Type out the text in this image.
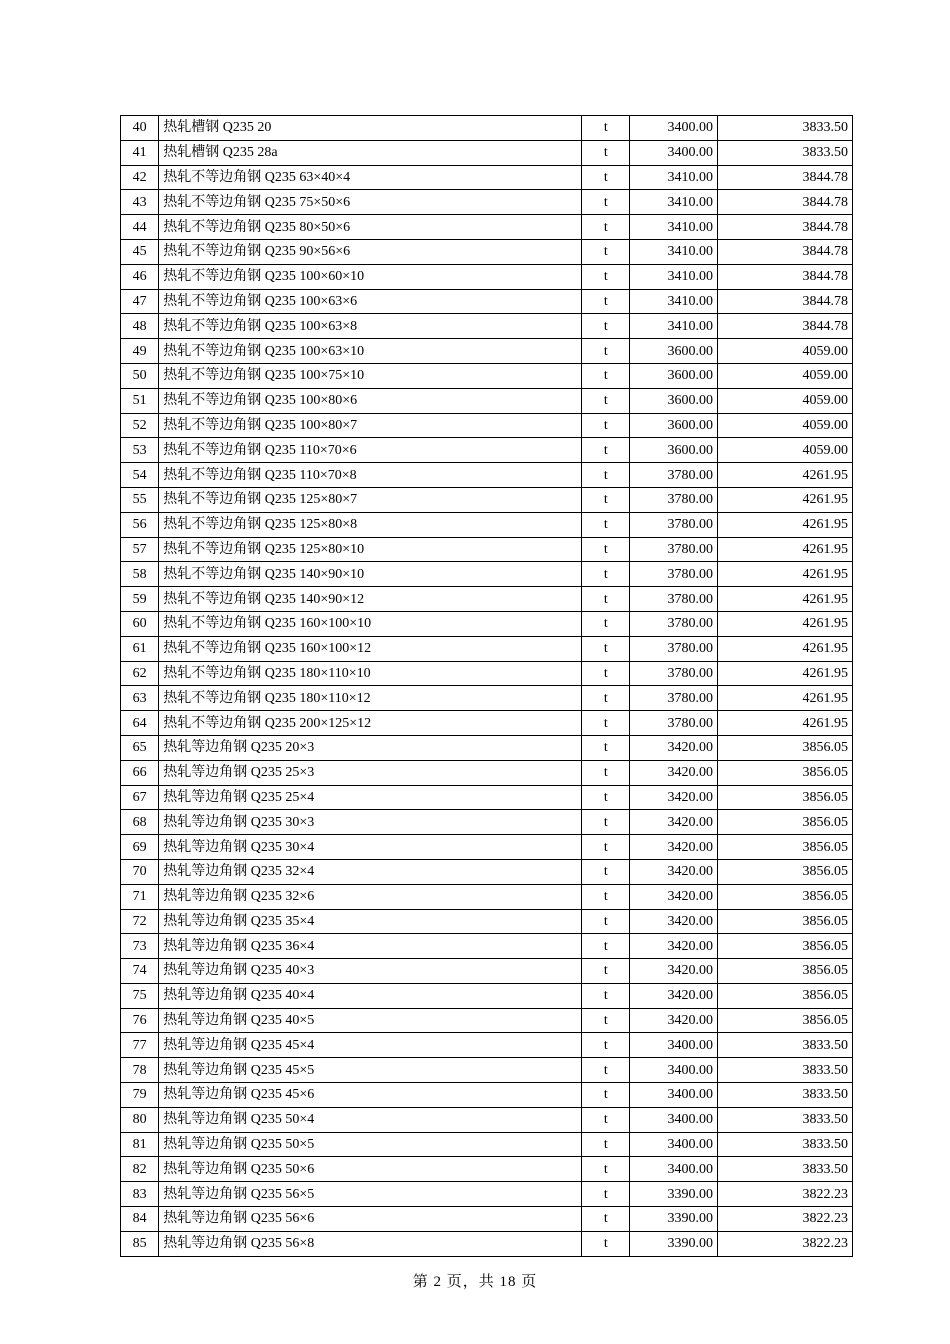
40	热轧槽钢 Q235 20	t	3400.00	3833.50
41	热轧槽钢 Q235 28a	t	3400.00	3833.50
42	热轧不等边角钢 Q235 63×40×4	t	3410.00	3844.78
43	热轧不等边角钢 Q235 75×50×6	t	3410.00	3844.78
44	热轧不等边角钢 Q235 80×50×6	t	3410.00	3844.78
45	热轧不等边角钢 Q235 90×56×6	t	3410.00	3844.78
46	热轧不等边角钢 Q235 100×60×10	t	3410.00	3844.78
47	热轧不等边角钢 Q235 100×63×6	t	3410.00	3844.78
48	热轧不等边角钢 Q235 100×63×8	t	3410.00	3844.78
49	热轧不等边角钢 Q235 100×63×10	t	3600.00	4059.00
50	热轧不等边角钢 Q235 100×75×10	t	3600.00	4059.00
51	热轧不等边角钢 Q235 100×80×6	t	3600.00	4059.00
52	热轧不等边角钢 Q235 100×80×7	t	3600.00	4059.00
53	热轧不等边角钢 Q235 110×70×6	t	3600.00	4059.00
54	热轧不等边角钢 Q235 110×70×8	t	3780.00	4261.95
55	热轧不等边角钢 Q235 125×80×7	t	3780.00	4261.95
56	热轧不等边角钢 Q235 125×80×8	t	3780.00	4261.95
57	热轧不等边角钢 Q235 125×80×10	t	3780.00	4261.95
58	热轧不等边角钢 Q235 140×90×10	t	3780.00	4261.95
59	热轧不等边角钢 Q235 140×90×12	t	3780.00	4261.95
60	热轧不等边角钢 Q235 160×100×10	t	3780.00	4261.95
61	热轧不等边角钢 Q235 160×100×12	t	3780.00	4261.95
62	热轧不等边角钢 Q235 180×110×10	t	3780.00	4261.95
63	热轧不等边角钢 Q235 180×110×12	t	3780.00	4261.95
64	热轧不等边角钢 Q235 200×125×12	t	3780.00	4261.95
65	热轧等边角钢 Q235 20×3	t	3420.00	3856.05
66	热轧等边角钢 Q235 25×3	t	3420.00	3856.05
67	热轧等边角钢 Q235 25×4	t	3420.00	3856.05
68	热轧等边角钢 Q235 30×3	t	3420.00	3856.05
69	热轧等边角钢 Q235 30×4	t	3420.00	3856.05
70	热轧等边角钢 Q235 32×4	t	3420.00	3856.05
71	热轧等边角钢 Q235 32×6	t	3420.00	3856.05
72	热轧等边角钢 Q235 35×4	t	3420.00	3856.05
73	热轧等边角钢 Q235 36×4	t	3420.00	3856.05
74	热轧等边角钢 Q235 40×3	t	3420.00	3856.05
75	热轧等边角钢 Q235 40×4	t	3420.00	3856.05
76	热轧等边角钢 Q235 40×5	t	3420.00	3856.05
77	热轧等边角钢 Q235 45×4	t	3400.00	3833.50
78	热轧等边角钢 Q235 45×5	t	3400.00	3833.50
79	热轧等边角钢 Q235 45×6	t	3400.00	3833.50
80	热轧等边角钢 Q235 50×4	t	3400.00	3833.50
81	热轧等边角钢 Q235 50×5	t	3400.00	3833.50
82	热轧等边角钢 Q235 50×6	t	3400.00	3833.50
83	热轧等边角钢 Q235 56×5	t	3390.00	3822.23
84	热轧等边角钢 Q235 56×6	t	3390.00	3822.23
85	热轧等边角钢 Q235 56×8	t	3390.00	3822.23
第 2 页，共 18 页
